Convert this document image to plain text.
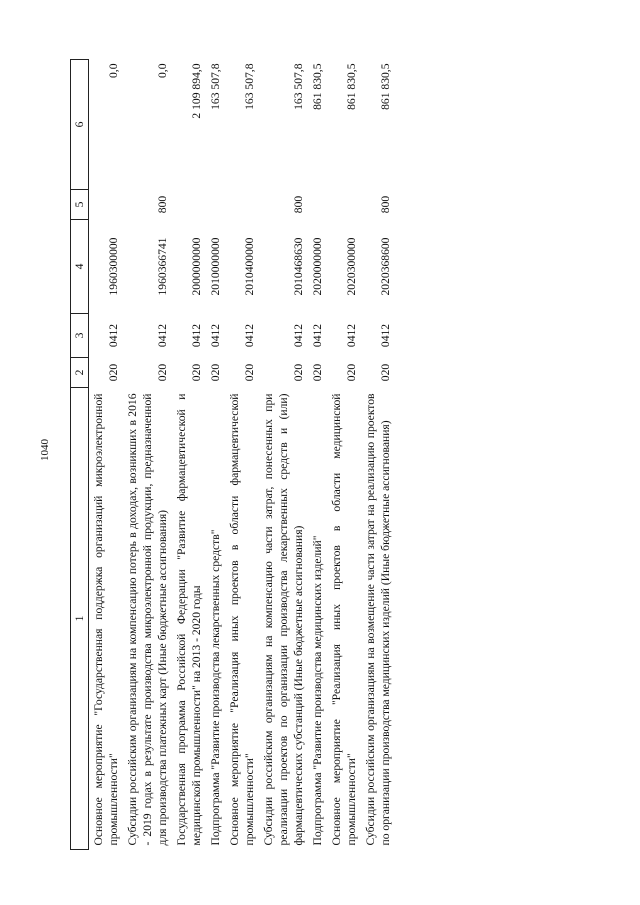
1040
1	2	3	4	5	6
Основное мероприятие "Государственная поддержка организаций микроэлектронной промышленности"	020	0412	1960300000		0,0
Субсидии российским организациям на компенсацию потерь в доходах, возникших в 2016 - 2019 годах в результате производства микроэлектронной продукции, предназначенной для производства платежных карт (Иные бюджетные ассигнования)	020	0412	1960366741	800	0,0
Государственная программа Российской Федерации "Развитие фармацевтической и медицинской промышленности" на 2013 - 2020 годы	020	0412	2000000000		2 109 894,0
Подпрограмма "Развитие производства лекарственных средств"	020	0412	2010000000		163 507,8
Основное мероприятие "Реализация иных проектов в области фармацевтической промышленности"	020	0412	2010400000		163 507,8
Субсидии российским организациям на компенсацию части затрат, понесенных при реализации проектов по организации производства лекарственных средств и (или) фармацевтических субстанций (Иные бюджетные ассигнования)	020	0412	2010468630	800	163 507,8
Подпрограмма "Развитие производства медицинских изделий"	020	0412	2020000000		861 830,5
Основное мероприятие "Реализация иных проектов в области медицинской промышленности"	020	0412	2020300000		861 830,5
Субсидии российским организациям на возмещение части затрат на реализацию проектов по организации производства медицинских изделий (Иные бюджетные ассигнования)	020	0412	2020368600	800	861 830,5
